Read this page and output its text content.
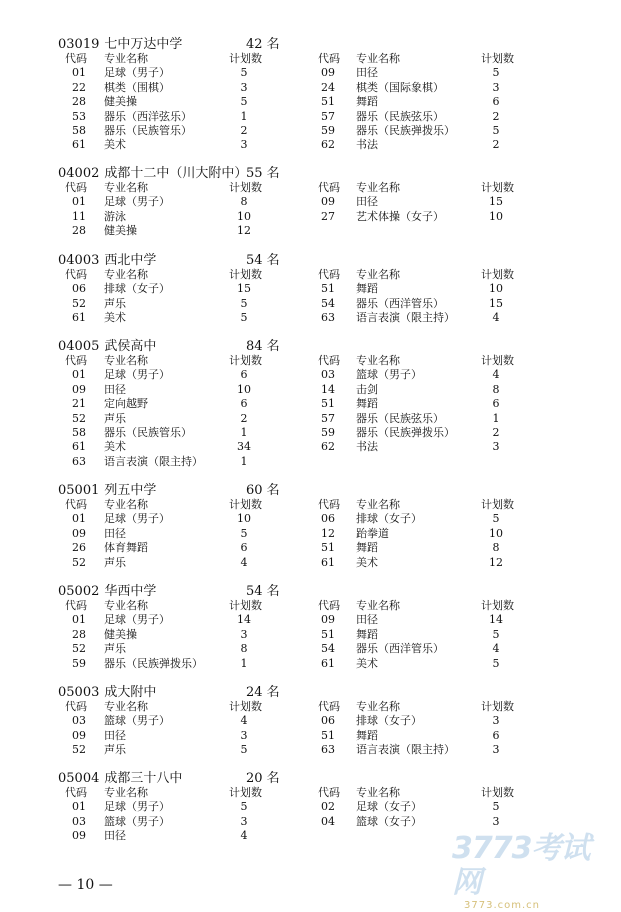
03019 七中万达中学	42 名
代码 专业名称	计划数	代码 专业名称	计划数
01	足球（男子）	5	09	田径	5
22	棋类（围棋）	3	24	棋类（国际象棋）	3
28	健美操	5	51	舞蹈	6
53	器乐（西洋弦乐）	1	57	器乐（民族弦乐）	2
58	器乐（民族管乐）	2	59	器乐（民族弹拨乐）	5
61	美术	3	62	书法	2
04002 成都十二中（川大附中）
55 名
代码 专业名称	计划数	代码 专业名称	计划数
01	足球（男子）	8	09	田径	15
11	游泳	10	27	艺术体操（女子）	10
28	健美操	12
04003 西北中学	54 名
代码 专业名称	计划数	代码 专业名称	计划数
06	排球（女子）	15	51	舞蹈	10
52	声乐	5	54	器乐（西洋管乐）	15
61	美术	5	63	语言表演（限主持）	4
04005 武侯高中	84 名
代码 专业名称	计划数	代码 专业名称	计划数
01	足球（男子）	6	03	篮球（男子）	4
09	田径	10	14	击剑	8
21	定向越野	6	51	舞蹈	6
52	声乐	2	57	器乐（民族弦乐）	1
58	器乐（民族管乐）	1	59	器乐（民族弹拨乐）	2
61	美术	34	62	书法	3
63	语言表演（限主持）	1
05001 列五中学	60 名
代码 专业名称	计划数	代码 专业名称	计划数
01	足球（男子）	10	06	排球（女子）	5
09	田径	5	12	跆拳道	10
26	体育舞蹈	6	51	舞蹈	8
52	声乐	4	61	美术	12
05002 华西中学	54 名
代码 专业名称	计划数	代码 专业名称	计划数
01	足球（男子）	14	09	田径	14
28	健美操	3	51	舞蹈	5
52	声乐	8	54	器乐（西洋管乐）	4
59	器乐（民族弹拨乐）	1	61	美术	5
05003 成大附中	24 名
代码 专业名称	计划数	代码 专业名称	计划数
03	篮球（男子）	4	06	排球（女子）	3
09	田径	3	51	舞蹈	6
52	声乐	5	63	语言表演（限主持）	3
05004 成都三十八中	20 名
代码 专业名称	计划数	代码 专业名称	计划数
01	足球（男子）	5	02	足球（女子）	5
03	篮球（男子）	3	04	篮球（女子）	3
09	田径	4
— 10 —
3773考试网
3773.com.cn
